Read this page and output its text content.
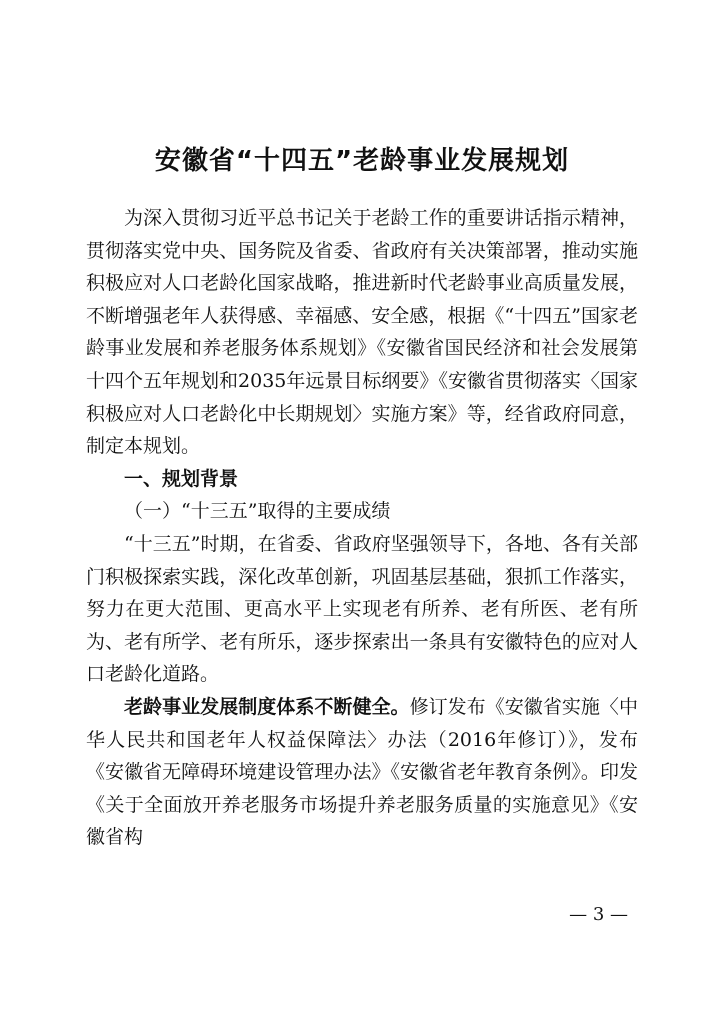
安徽省“十四五”老龄事业发展规划

为深入贯彻习近平总书记关于老龄工作的重要讲话指示精神，贯彻落实党中央、国务院及省委、省政府有关决策部署，推动实施积极应对人口老龄化国家战略，推进新时代老龄事业高质量发展，不断增强老年人获得感、幸福感、安全感，根据《“十四五”国家老龄事业发展和养老服务体系规划》《安徽省国民经济和社会发展第十四个五年规划和2035年远景目标纲要》《安徽省贯彻落实〈国家积极应对人口老龄化中长期规划〉实施方案》等，经省政府同意，制定本规划。

一、规划背景

（一）“十三五”取得的主要成绩

“十三五”时期，在省委、省政府坚强领导下，各地、各有关部门积极探索实践，深化改革创新，巩固基层基础，狠抓工作落实，努力在更大范围、更高水平上实现老有所养、老有所医、老有所为、老有所学、老有所乐，逐步探索出一条具有安徽特色的应对人口老龄化道路。

老龄事业发展制度体系不断健全。修订发布《安徽省实施〈中华人民共和国老年人权益保障法〉办法（2016年修订）》，发布《安徽省无障碍环境建设管理办法》《安徽省老年教育条例》。印发《关于全面放开养老服务市场提升养老服务质量的实施意见》《安徽省构

— 3 —
